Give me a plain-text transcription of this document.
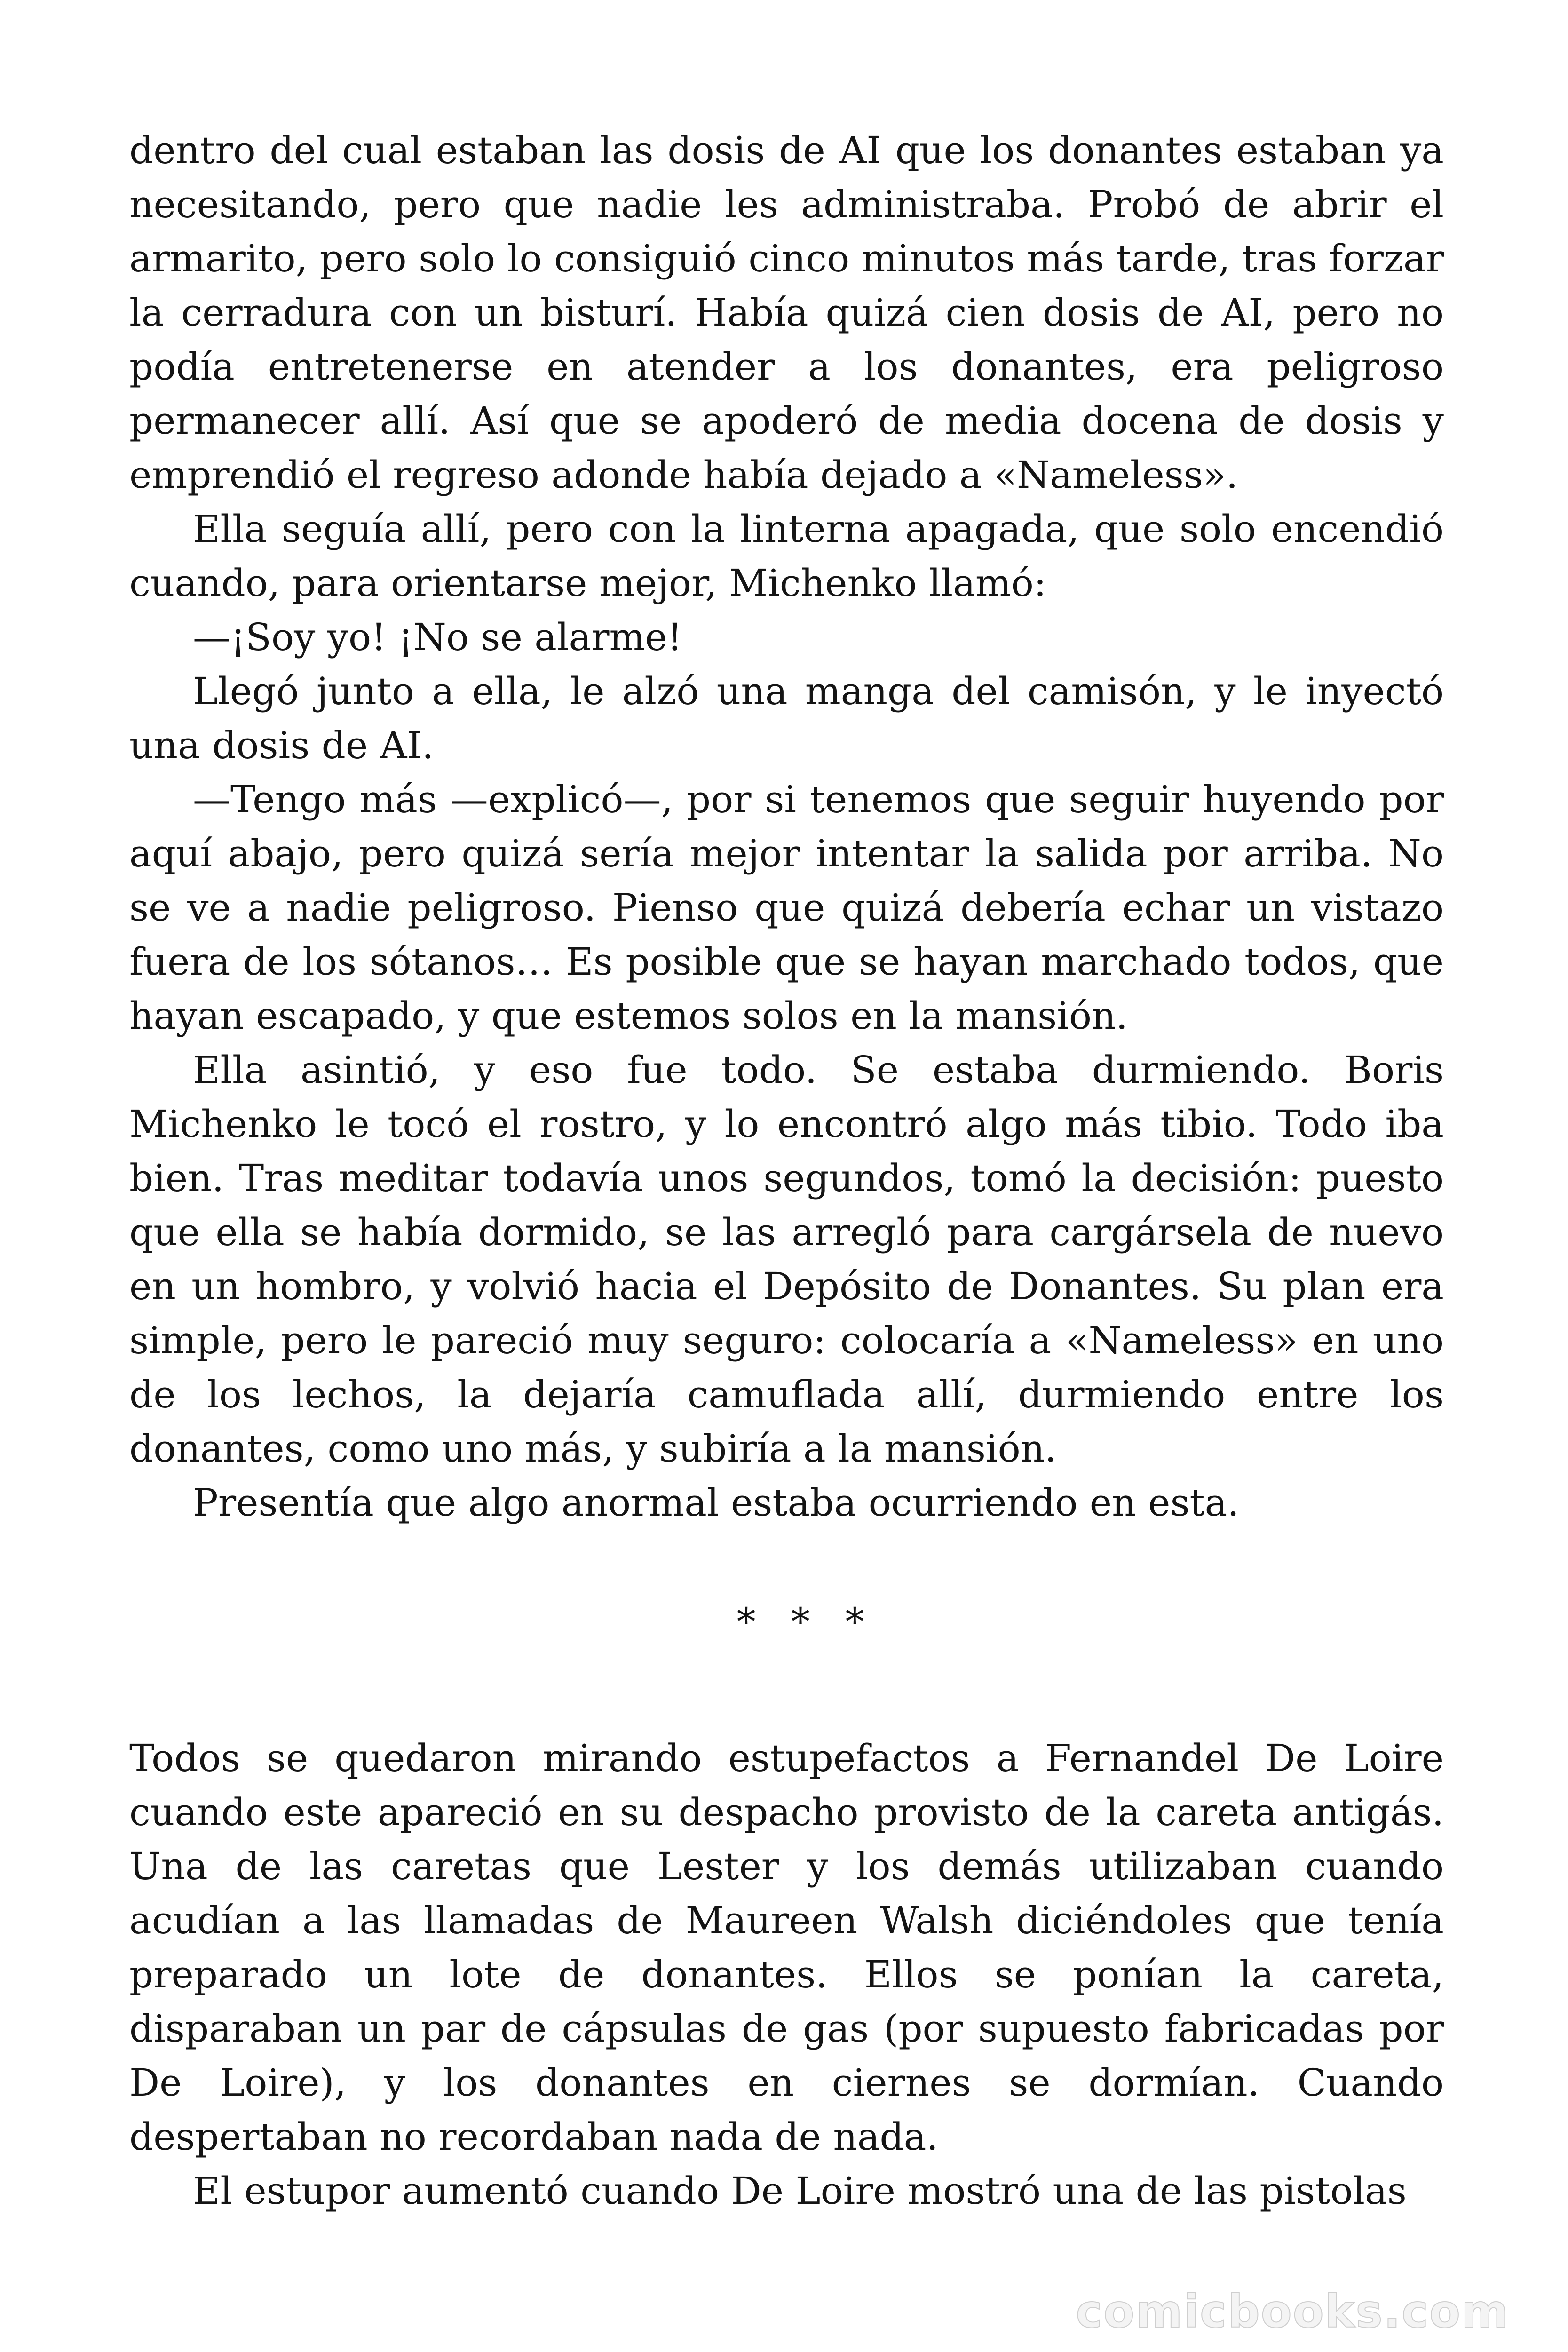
dentro del cual estaban las dosis de AI que los donantes estaban ya necesitando, pero que nadie les administraba. Probó de abrir el armarito, pero solo lo consiguió cinco minutos más tarde, tras forzar la cerradura con un bisturí. Había quizá cien dosis de AI, pero no podía entretenerse en atender a los donantes, era peligroso permanecer allí. Así que se apoderó de media docena de dosis y emprendió el regreso adonde había dejado a «Nameless».

Ella seguía allí, pero con la linterna apagada, que solo encendió cuando, para orientarse mejor, Michenko llamó:

—¡Soy yo! ¡No se alarme!

Llegó junto a ella, le alzó una manga del camisón, y le inyectó una dosis de AI.

—Tengo más —explicó—, por si tenemos que seguir huyendo por aquí abajo, pero quizá sería mejor intentar la salida por arriba. No se ve a nadie peligroso. Pienso que quizá debería echar un vistazo fuera de los sótanos… Es posible que se hayan marchado todos, que hayan escapado, y que estemos solos en la mansión.

Ella asintió, y eso fue todo. Se estaba durmiendo. Boris Michenko le tocó el rostro, y lo encontró algo más tibio. Todo iba bien. Tras meditar todavía unos segundos, tomó la decisión: puesto que ella se había dormido, se las arregló para cargársela de nuevo en un hombro, y volvió hacia el Depósito de Donantes. Su plan era simple, pero le pareció muy seguro: colocaría a «Nameless» en uno de los lechos, la dejaría camuflada allí, durmiendo entre los donantes, como uno más, y subiría a la mansión.

Presentía que algo anormal estaba ocurriendo en esta.

* * *

Todos se quedaron mirando estupefactos a Fernandel De Loire cuando este apareció en su despacho provisto de la careta antigás. Una de las caretas que Lester y los demás utilizaban cuando acudían a las llamadas de Maureen Walsh diciéndoles que tenía preparado un lote de donantes. Ellos se ponían la careta, disparaban un par de cápsulas de gas (por supuesto fabricadas por De Loire), y los donantes en ciernes se dormían. Cuando despertaban no recordaban nada de nada.

El estupor aumentó cuando De Loire mostró una de las pistolas

comicbooks.com
